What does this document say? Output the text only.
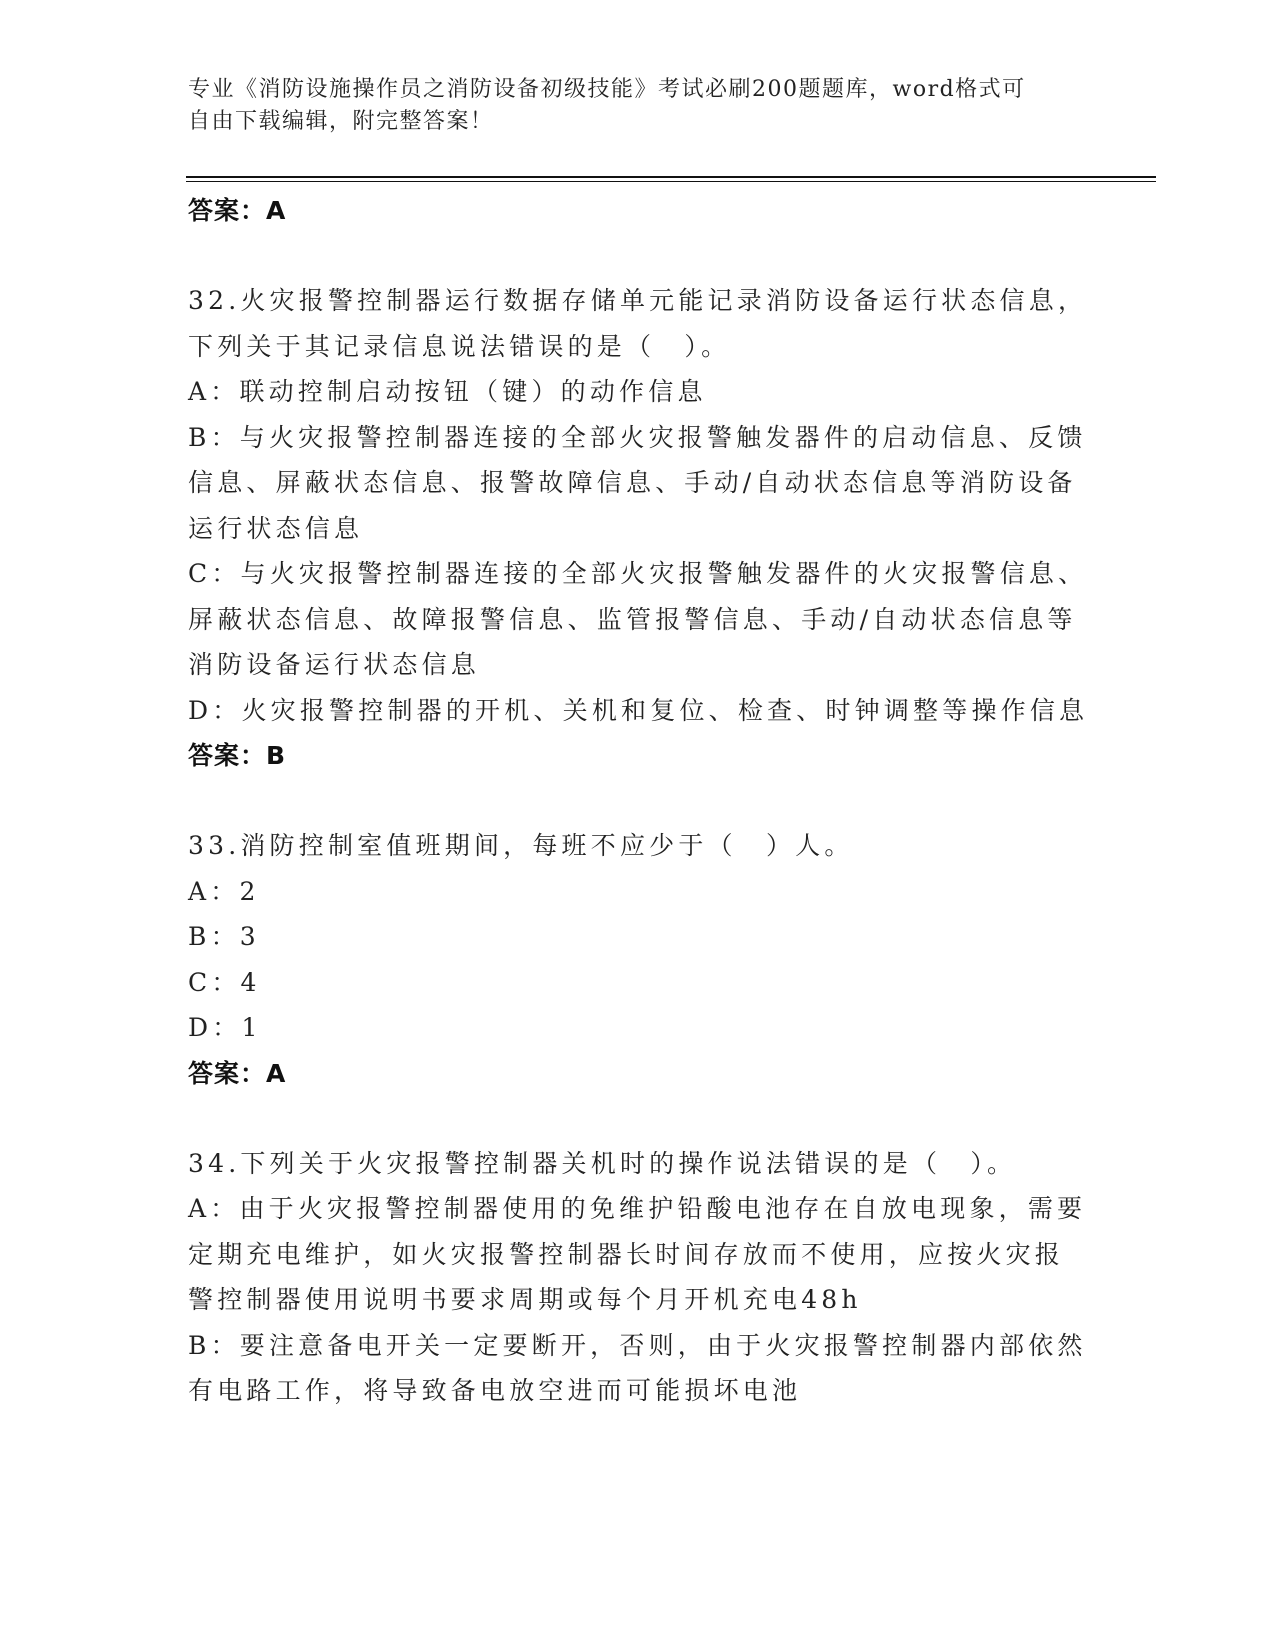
专业《消防设施操作员之消防设备初级技能》考试必刷200题题库，word格式可
自由下载编辑，附完整答案！
答案：A
32.火灾报警控制器运行数据存储单元能记录消防设备运行状态信息，
下列关于其记录信息说法错误的是（　）。
A：联动控制启动按钮（键）的动作信息
B：与火灾报警控制器连接的全部火灾报警触发器件的启动信息、反馈
信息、屏蔽状态信息、报警故障信息、手动/自动状态信息等消防设备
运行状态信息
C：与火灾报警控制器连接的全部火灾报警触发器件的火灾报警信息、
屏蔽状态信息、故障报警信息、监管报警信息、手动/自动状态信息等
消防设备运行状态信息
D：火灾报警控制器的开机、关机和复位、检查、时钟调整等操作信息
答案：B
33.消防控制室值班期间，每班不应少于（　）人。
A：2
B：3
C：4
D：1
答案：A
34.下列关于火灾报警控制器关机时的操作说法错误的是（　）。
A：由于火灾报警控制器使用的免维护铅酸电池存在自放电现象，需要
定期充电维护，如火灾报警控制器长时间存放而不使用，应按火灾报
警控制器使用说明书要求周期或每个月开机充电48h
B：要注意备电开关一定要断开，否则，由于火灾报警控制器内部依然
有电路工作，将导致备电放空进而可能损坏电池
